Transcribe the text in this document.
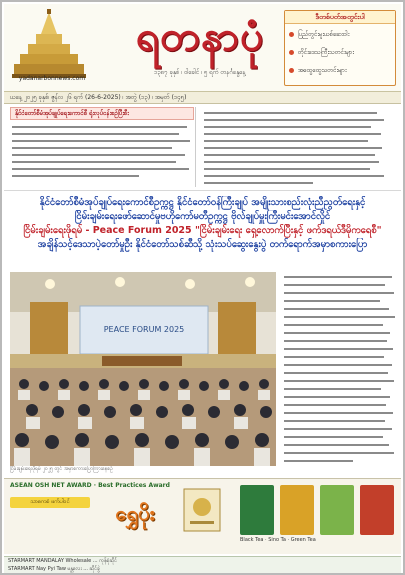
yadanarbonnews.com
ရတနာပုံ
၁၃၈၇ ခုနှစ် ၊ ဝါခေါင် ၊ ၅ ရက် တနင်္ဂနွေနေ့
ဒီတစ်ပတ်အတွင်းပါ
ပြည်တွင်းမူးယစ်ဆေးဝါး
တိုင်းဒေသကြီးသတင်းများ
အထွေထွေသတင်းများ
ယနေ့ ၂၀၂၅ ခုနှစ်၊ ဇွန်လ ၂၆ ရက် (26-6-2025) ၊ အတွဲ (၁၃) ၊ အမှတ် (၁၄၅)
နိုင်ငံတော်စီမံအုပ်ချုပ်ရေးကောင်စီ ရုံးလုပ်ငန်းစဉ်ပြီးစီး
နိုင်ငံတော်စီမံအုပ်ချုပ်ရေးကောင်စီဥက္ကဋ္ဌ နိုင်ငံတော်ဝန်ကြီးချုပ် အမျိုးသားစည်းလုံးညီညွတ်ရေးနှင့်
ငြိမ်းချမ်းရေးဖော်ဆောင်မှုဗဟိုကော်မတီဥက္ကဋ္ဌ ဗိုလ်ချုပ်မှူးကြီးမင်းအောင်လှိုင်
ငြိမ်းချမ်းရေးဖိုရမ် - Peace Forum 2025 "ငြိမ်းချမ်းရေး ရှေ့လောက်ပြီးနှင့် ဖက်ဒရယ်ဒီမိုကရေစီ"
အချိန်သင့်ဒေသာပဲ့တော်မှုဦး နိုင်ငံတော်သစ်ဆီသို့ သုံးသပ်ဆွေးနွေးပွဲ တက်ရောက်အမှာစကားပြော
PEACE FORUM 2025
ငြိမ်းချမ်းရေးဖိုရမ် ၂၀၂၅ တွင် အမှာစကားပြောကြားနေစဉ်
ASEAN OSH NET AWARD · Best Practices Award
သာဓကစံ ဖက်ပါဝင်	ရွှေပိုး
Black Tea · Sino Ta · Green Tea
STARMART MANDALAY Wholesale ... ကုန်စုံဆိုင်
STARMART Nay Pyi Taw မန္တလေး ... ဆိုင်ခွဲ
